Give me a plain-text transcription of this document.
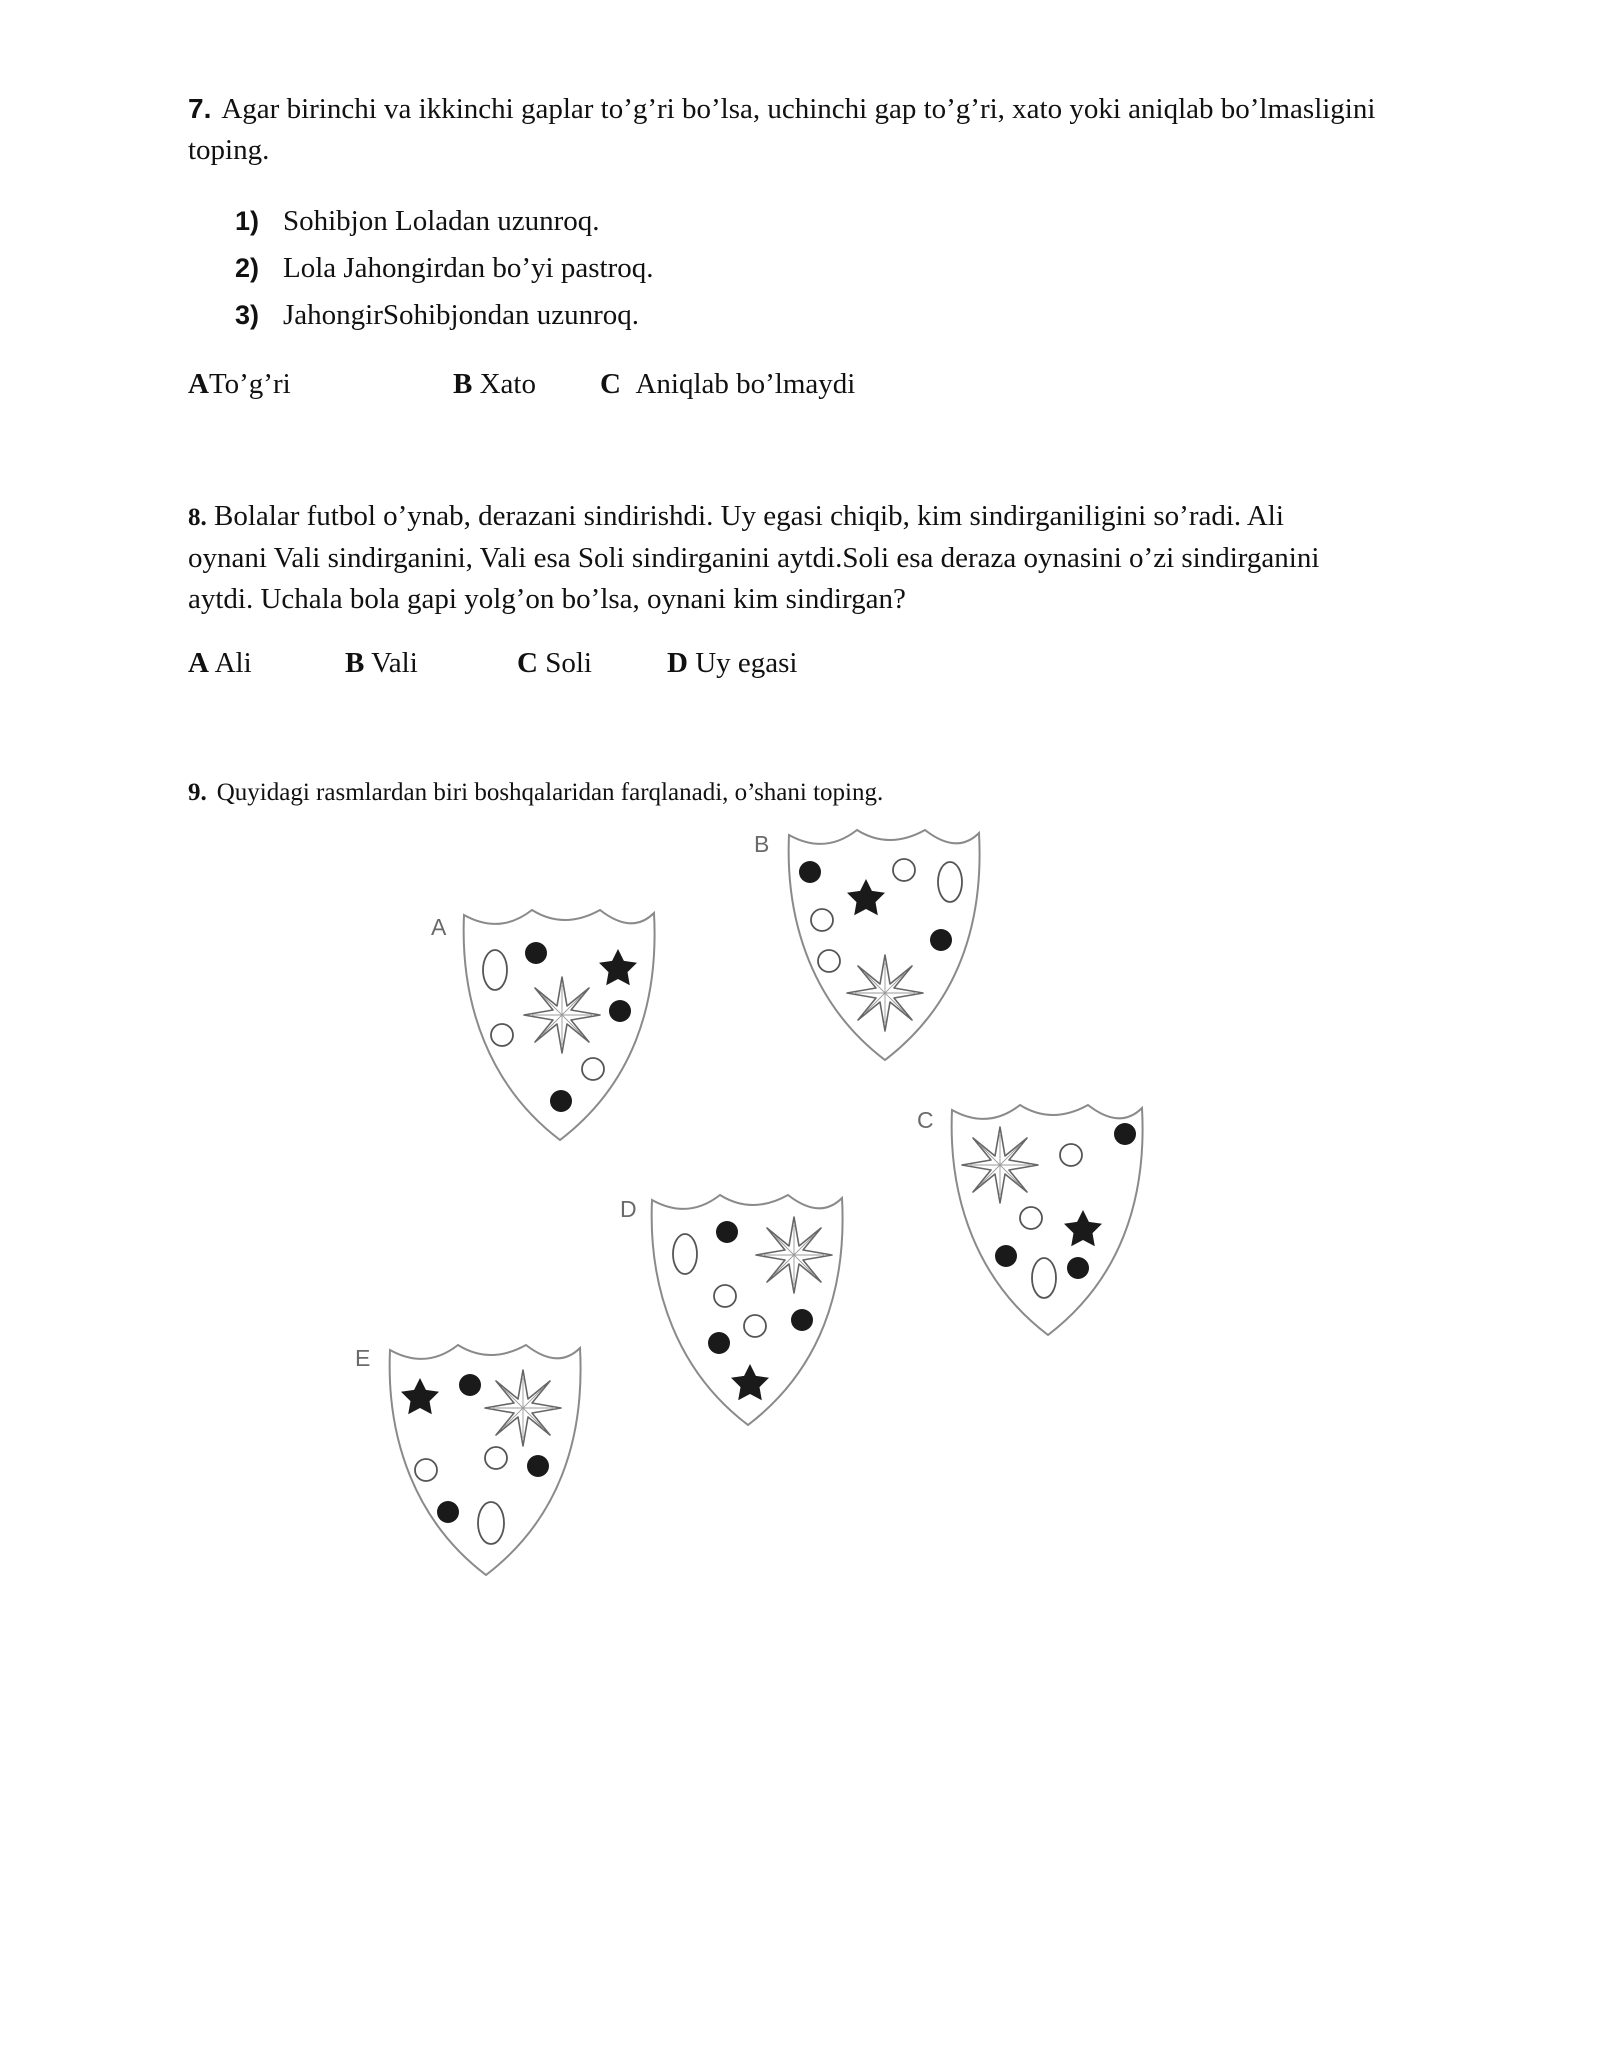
7. Agar birinchi va ikkinchi gaplar to’g’ri bo’lsa, uchinchi gap to’g’ri, xato yoki aniqlab bo’lmasligini toping.
1) Sohibjon Loladan uzunroq.
2) Lola Jahongirdan bo’yi pastroq.
3) JahongirSohibjondan uzunroq.
ATo’g’ri	B Xato C Aniqlab bo’lmaydi
8. Bolalar futbol o’ynab, derazani sindirishdi. Uy egasi chiqib, kim sindirganiligini so’radi. Ali oynani Vali sindirganini, Vali esa Soli sindirganini aytdi.Soli esa deraza oynasini o’zi sindirganini aytdi. Uchala bola gapi yolg’on bo’lsa, oynani kim sindirgan?
A Ali	B Vali	C Soli	D Uy egasi
9. Quyidagi rasmlardan biri boshqalaridan farqlanadi, o’shani toping.
A
B
C
D
E
